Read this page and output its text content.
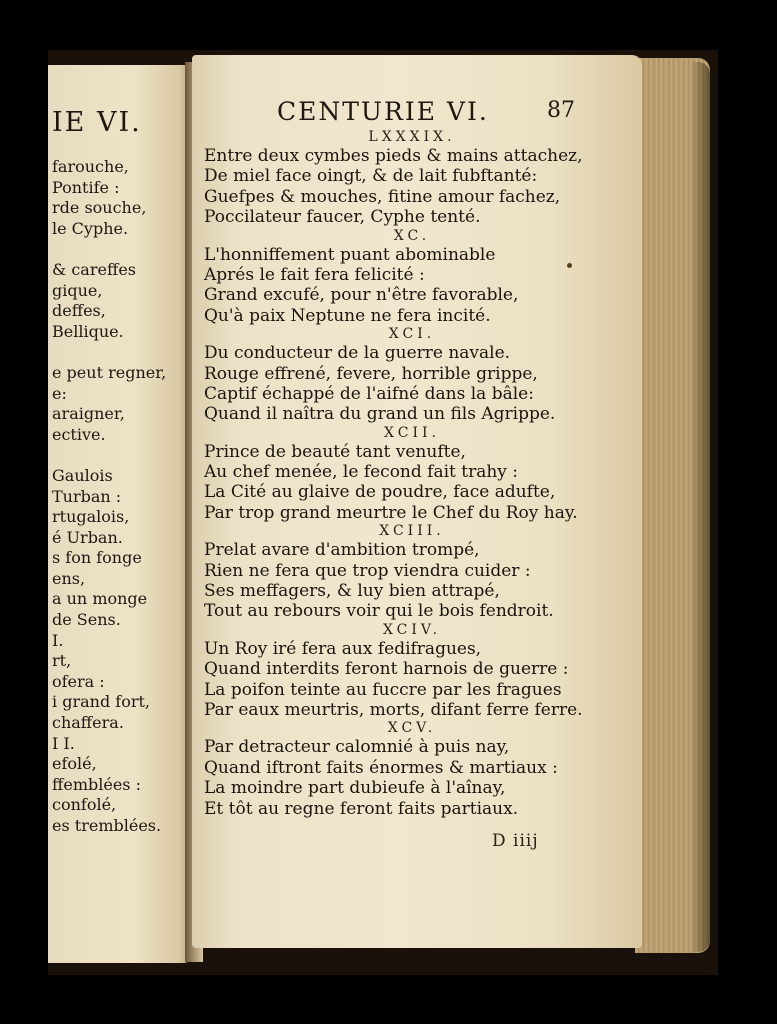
IE VI.
farouche,
Pontife :
rde souche,
le Cyphe.
& careffes
gique,
deffes,
Bellique.
e peut regner,
e:
araigner,
ective.
Gaulois
Turban :
rtugalois,
é Urban.
s fon fonge
ens,
a un monge
de Sens.
I.
rt,
ofera :
i grand fort,
chaffera.
I I.
efolé,
ffemblées :
confolé,
es tremblées.
CENTURIE VI.	87
LXXXIX.
Entre deux cymbes pieds & mains attachez,
De miel face oingt, & de lait fubftanté:
Guefpes & mouches, fitine amour fachez,
Poccilateur faucer, Cyphe tenté.
XC.
L'honniffement puant abominable
Aprés le fait fera felicité :
Grand excufé, pour n'être favorable,
Qu'à paix Neptune ne fera incité.
XCI.
Du conducteur de la guerre navale.
Rouge effrené, fevere, horrible grippe,
Captif échappé de l'aifné dans la bâle:
Quand il naîtra du grand un fils Agrippe.
XCII.
Prince de beauté tant venufte,
Au chef menée, le fecond fait trahy :
La Cité au glaive de poudre, face adufte,
Par trop grand meurtre le Chef du Roy hay.
XCIII.
Prelat avare d'ambition trompé,
Rien ne fera que trop viendra cuider :
Ses meffagers, & luy bien attrapé,
Tout au rebours voir qui le bois fendroit.
XCIV.
Un Roy iré fera aux fedifragues,
Quand interdits feront harnois de guerre :
La poifon teinte au fuccre par les fragues
Par eaux meurtris, morts, difant ferre ferre.
XCV.
Par detracteur calomnié à puis nay,
Quand iftront faits énormes & martiaux :
La moindre part dubieufe à l'aînay,
Et tôt au regne feront faits partiaux.
D iiij
